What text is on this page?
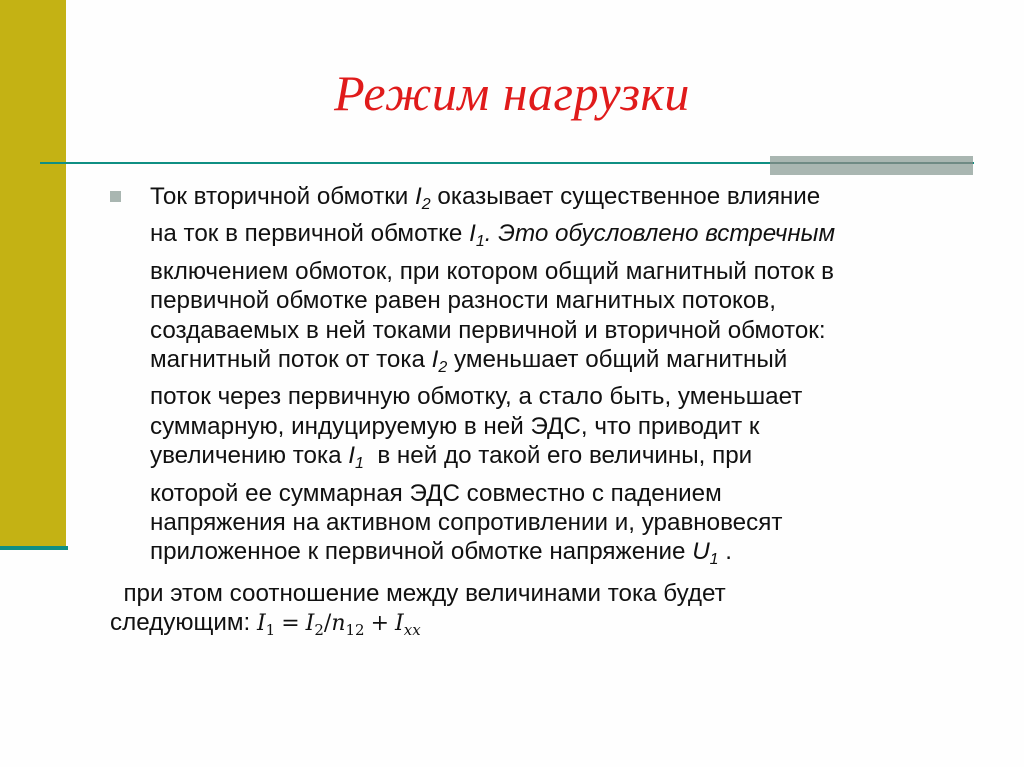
Режим нагрузки
Ток вторичной обмотки $I_2$ оказывает существенное влияние
на ток в первичной обмотке $I_1$. Это обусловлено встречным
включением обмоток, при котором общий магнитный поток в
первичной обмотке равен разности магнитных потоков,
создаваемых в ней токами первичной и вторичной обмоток:
магнитный поток от тока $I_2$ уменьшает общий магнитный
поток через первичную обмотку, а стало быть, уменьшает
суммарную, индуцируемую в ней ЭДС, что приводит к
увеличению тока $I_1$  в ней до такой его величины, при
которой ее суммарная ЭДС совместно с падением
напряжения на активном сопротивлении и, уравновесят
приложенное к первичной обмотке напряжение $U_1$ .
при этом соотношение между величинами тока будет
следующим: $I_1 = I_2/n_{12} + I_{xx}$
